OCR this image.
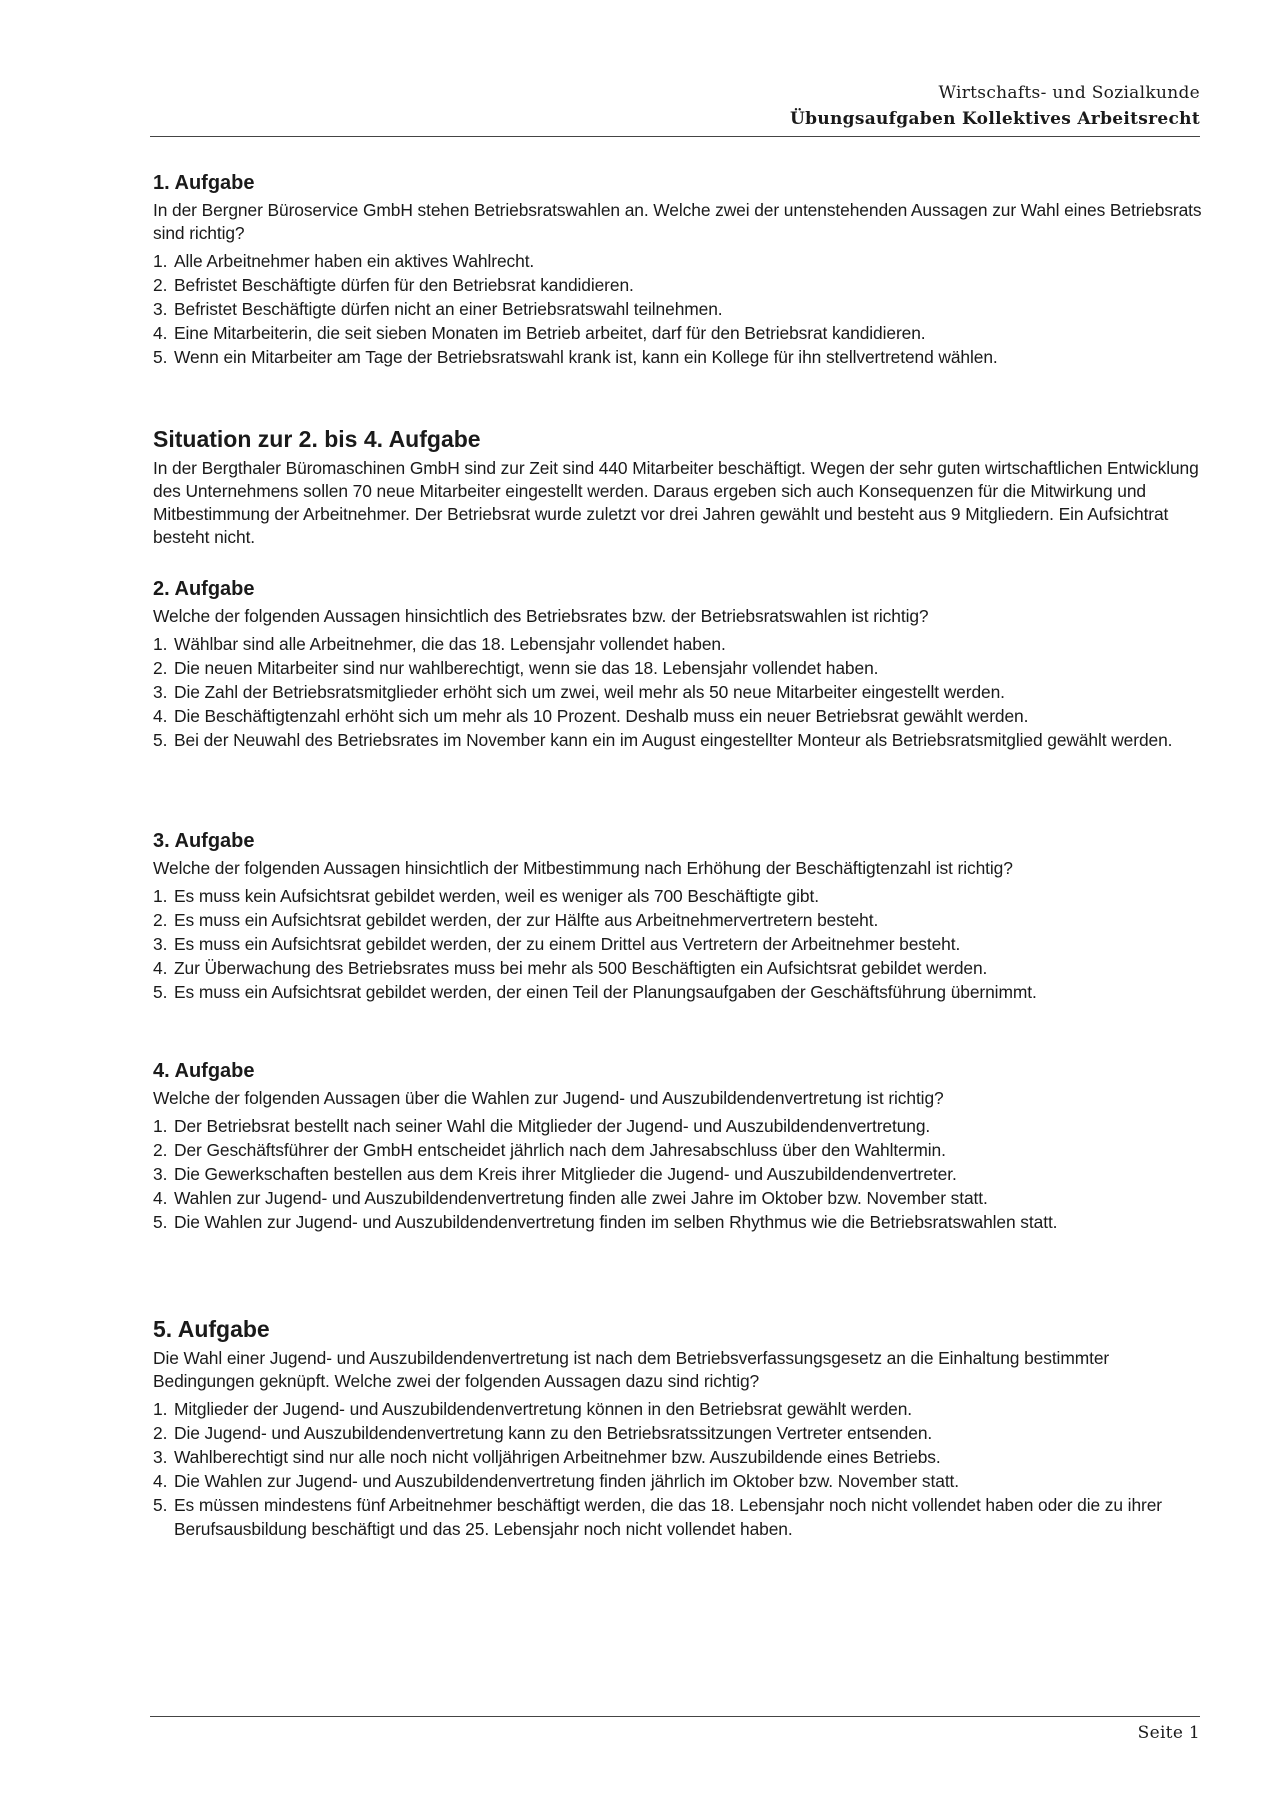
Wirtschafts- und Sozialkunde
Übungsaufgaben Kollektives Arbeitsrecht
1. Aufgabe
In der Bergner Büroservice GmbH stehen Betriebsratswahlen an. Welche zwei der untenstehenden Aussagen zur Wahl eines Betriebsrats sind richtig?
1. Alle Arbeitnehmer haben ein aktives Wahlrecht.
2. Befristet Beschäftigte dürfen für den Betriebsrat kandidieren.
3. Befristet Beschäftigte dürfen nicht an einer Betriebsratswahl teilnehmen.
4. Eine Mitarbeiterin, die seit sieben Monaten im Betrieb arbeitet, darf für den Betriebsrat kandidieren.
5. Wenn ein Mitarbeiter am Tage der Betriebsratswahl krank ist, kann ein Kollege für ihn stellvertretend wählen.
Situation zur 2. bis 4. Aufgabe
In der Bergthaler Büromaschinen GmbH sind zur Zeit sind 440 Mitarbeiter beschäftigt. Wegen der sehr guten wirtschaftlichen Entwicklung des Unternehmens sollen 70 neue Mitarbeiter eingestellt werden. Daraus ergeben sich auch Konsequenzen für die Mitwirkung und Mitbestimmung der Arbeitnehmer. Der Betriebsrat wurde zuletzt vor drei Jahren gewählt und besteht aus 9 Mitgliedern. Ein Aufsichtrat besteht nicht.
2. Aufgabe
Welche der folgenden Aussagen hinsichtlich des Betriebsrates bzw. der Betriebsratswahlen ist richtig?
1. Wählbar sind alle Arbeitnehmer, die das 18. Lebensjahr vollendet haben.
2. Die neuen Mitarbeiter sind nur wahlberechtigt, wenn sie das 18. Lebensjahr vollendet haben.
3. Die Zahl der Betriebsratsmitglieder erhöht sich um zwei, weil mehr als 50 neue Mitarbeiter eingestellt werden.
4. Die Beschäftigtenzahl erhöht sich um mehr als 10 Prozent. Deshalb muss ein neuer Betriebsrat gewählt werden.
5. Bei der Neuwahl des Betriebsrates im November kann ein im August eingestellter Monteur als Betriebsratsmitglied gewählt werden.
3. Aufgabe
Welche der folgenden Aussagen hinsichtlich der Mitbestimmung nach Erhöhung der Beschäftigtenzahl ist richtig?
1. Es muss kein Aufsichtsrat gebildet werden, weil es weniger als 700 Beschäftigte gibt.
2. Es muss ein Aufsichtsrat gebildet werden, der zur Hälfte aus Arbeitnehmervertretern besteht.
3. Es muss ein Aufsichtsrat gebildet werden, der zu einem Drittel aus Vertretern der Arbeitnehmer besteht.
4. Zur Überwachung des Betriebsrates muss bei mehr als 500 Beschäftigten ein Aufsichtsrat gebildet werden.
5. Es muss ein Aufsichtsrat gebildet werden, der einen Teil der Planungsaufgaben der Geschäftsführung übernimmt.
4. Aufgabe
Welche der folgenden Aussagen über die Wahlen zur Jugend- und Auszubildendenvertretung ist richtig?
1. Der Betriebsrat bestellt nach seiner Wahl die Mitglieder der Jugend- und Auszubildendenvertretung.
2. Der Geschäftsführer der GmbH entscheidet jährlich nach dem Jahresabschluss über den Wahltermin.
3. Die Gewerkschaften bestellen aus dem Kreis ihrer Mitglieder die Jugend- und Auszubildendenvertreter.
4. Wahlen zur Jugend- und Auszubildendenvertretung finden alle zwei Jahre im Oktober bzw. November statt.
5. Die Wahlen zur Jugend- und Auszubildendenvertretung finden im selben Rhythmus wie die Betriebsratswahlen statt.
5. Aufgabe
Die Wahl einer Jugend- und Auszubildendenvertretung ist nach dem Betriebsverfassungsgesetz an die Einhaltung bestimmter Bedingungen geknüpft. Welche zwei der folgenden Aussagen dazu sind richtig?
1. Mitglieder der Jugend- und Auszubildendenvertretung können in den Betriebsrat gewählt werden.
2. Die Jugend- und Auszubildendenvertretung kann zu den Betriebsratssitzungen Vertreter entsenden.
3. Wahlberechtigt sind nur alle noch nicht volljährigen Arbeitnehmer bzw. Auszubildende eines Betriebs.
4. Die Wahlen zur Jugend- und Auszubildendenvertretung finden jährlich im Oktober bzw. November statt.
5. Es müssen mindestens fünf Arbeitnehmer beschäftigt werden, die das 18. Lebensjahr noch nicht vollendet haben oder die zu ihrer Berufsausbildung beschäftigt und das 25. Lebensjahr noch nicht vollendet haben.
Seite 1
